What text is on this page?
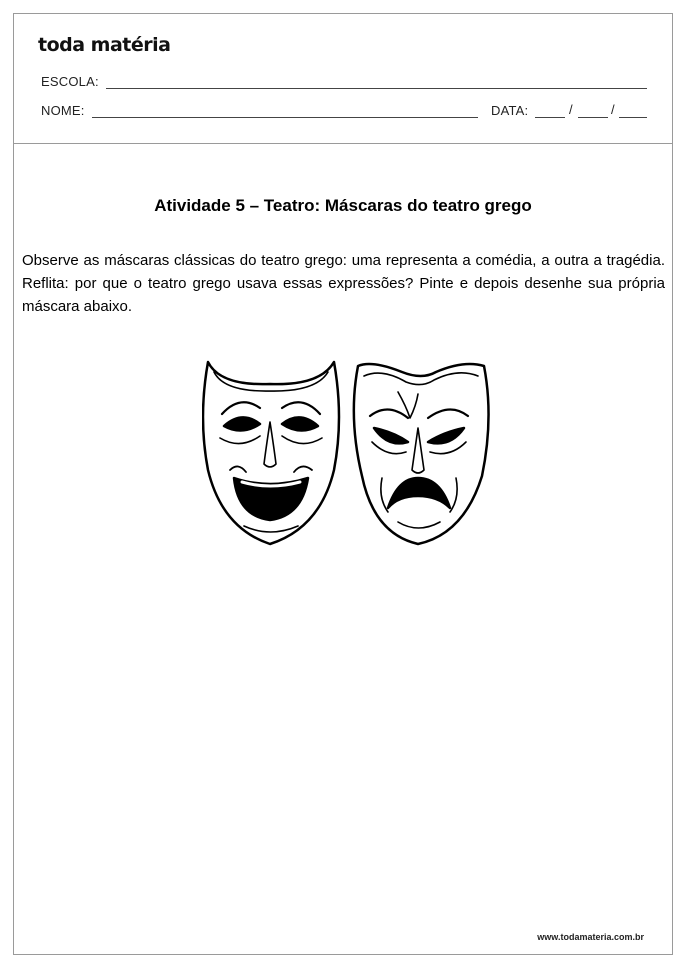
toda matéria
ESCOLA:
NOME:	DATA:	/	/
Atividade 5 – Teatro: Máscaras do teatro grego
Observe as máscaras clássicas do teatro grego: uma representa a comédia, a outra a tragédia. Reflita: por que o teatro grego usava essas expressões? Pinte e depois desenhe sua própria máscara abaixo.
www.todamateria.com.br
